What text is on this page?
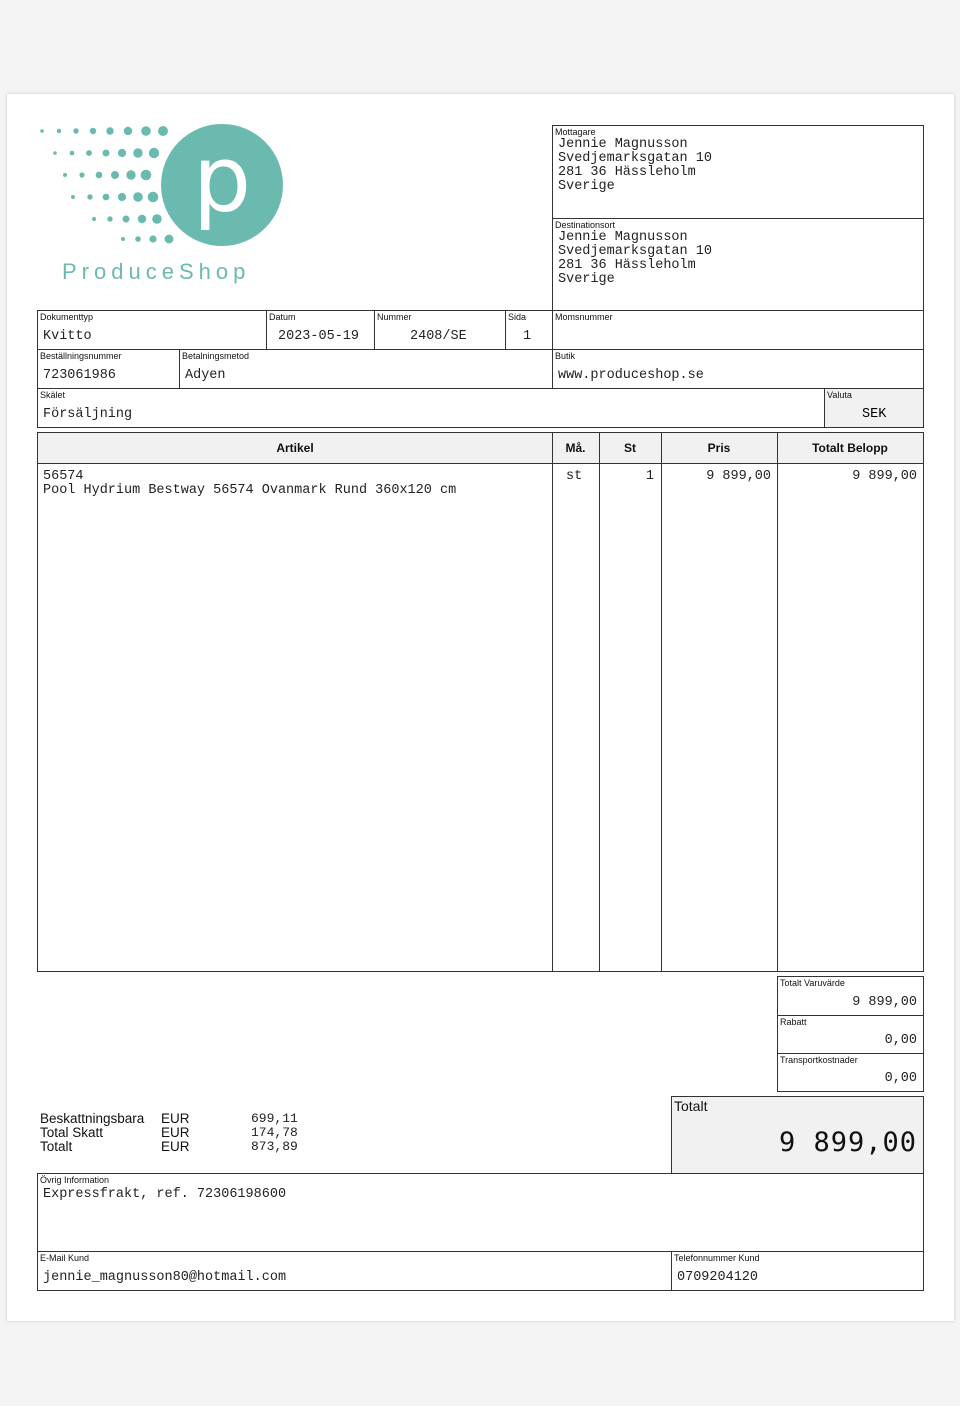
p
ProduceShop
Mottagare
Jennie Magnusson
Svedjemarksgatan 10
281 36 Hässleholm
Sverige
Destinationsort
Jennie Magnusson
Svedjemarksgatan 10
281 36 Hässleholm
Sverige
Dokumenttyp
Kvitto
Datum
2023-05-19
Nummer
2408/SE
Sida
1
Momsnummer
Beställningsnummer
723061986
Betalningsmetod
Adyen
Butik
www.produceshop.se
Skälet
Försäljning
Valuta
SEK
Artikel	Må.	St	Pris	Totalt Belopp
56574
Pool Hydrium Bestway 56574 Ovanmark Rund 360x120 cm
st	1	9 899,00	9 899,00
Totalt Varuvärde
9 899,00
Rabatt
0,00
Transportkostnader
0,00
Beskattningsbara EUR	699,11
Total Skatt	EUR	174,78
Totalt	EUR	873,89
Totalt
9 899,00
Övrig Information
Expressfrakt, ref. 72306198600
E-Mail Kund
jennie_magnusson80@hotmail.com
Telefonnummer Kund
0709204120
